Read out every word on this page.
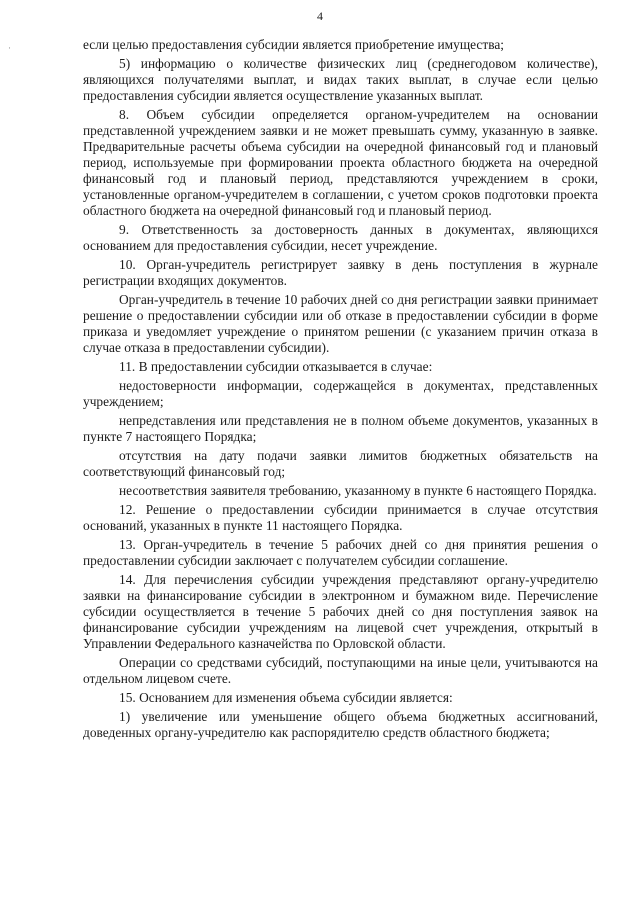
4
·	если целью предоставления субсидии является приобретение имущества;

5) информацию о количестве физических лиц (среднегодовом количестве), являющихся получателями выплат, и видах таких выплат, в случае если целью предоставления субсидии является осуществление указанных выплат.

8. Объем субсидии определяется органом-учредителем на основании представленной учреждением заявки и не может превышать сумму, указанную в заявке. Предварительные расчеты объема субсидии на очередной финансовый год и плановый период, используемые при формировании проекта областного бюджета на очередной финансовый год и плановый период, представляются учреждением в сроки, установленные органом-учредителем в соглашении, с учетом сроков подготовки проекта областного бюджета на очередной финансовый год и плановый период.

9. Ответственность за достоверность данных в документах, являющихся основанием для предоставления субсидии, несет учреждение.

10. Орган-учредитель регистрирует заявку в день поступления в журнале регистрации входящих документов.

Орган-учредитель в течение 10 рабочих дней со дня регистрации заявки принимает решение о предоставлении субсидии или об отказе в предоставлении субсидии в форме приказа и уведомляет учреждение о принятом решении (с указанием причин отказа в случае отказа в предоставлении субсидии).

11. В предоставлении субсидии отказывается в случае:

недостоверности информации, содержащейся в документах, представленных учреждением;

непредставления или представления не в полном объеме документов, указанных в пункте 7 настоящего Порядка;

отсутствия на дату подачи заявки лимитов бюджетных обязательств на соответствующий финансовый год;

несоответствия заявителя требованию, указанному в пункте 6 настоящего Порядка.

12. Решение о предоставлении субсидии принимается в случае отсутствия оснований, указанных в пункте 11 настоящего Порядка.

13. Орган-учредитель в течение 5 рабочих дней со дня принятия решения о предоставлении субсидии заключает с получателем субсидии соглашение.

14. Для перечисления субсидии учреждения представляют органу-учредителю заявки на финансирование субсидии в электронном и бумажном виде. Перечисление субсидии осуществляется в течение 5 рабочих дней со дня поступления заявок на финансирование субсидии учреждениям на лицевой счет учреждения, открытый в Управлении Федерального казначейства по Орловской области.

Операции со средствами субсидий, поступающими на иные цели, учитываются на отдельном лицевом счете.

15. Основанием для изменения объема субсидии является:

1) увеличение или уменьшение общего объема бюджетных ассигнований, доведенных органу-учредителю как распорядителю средств областного бюджета;
